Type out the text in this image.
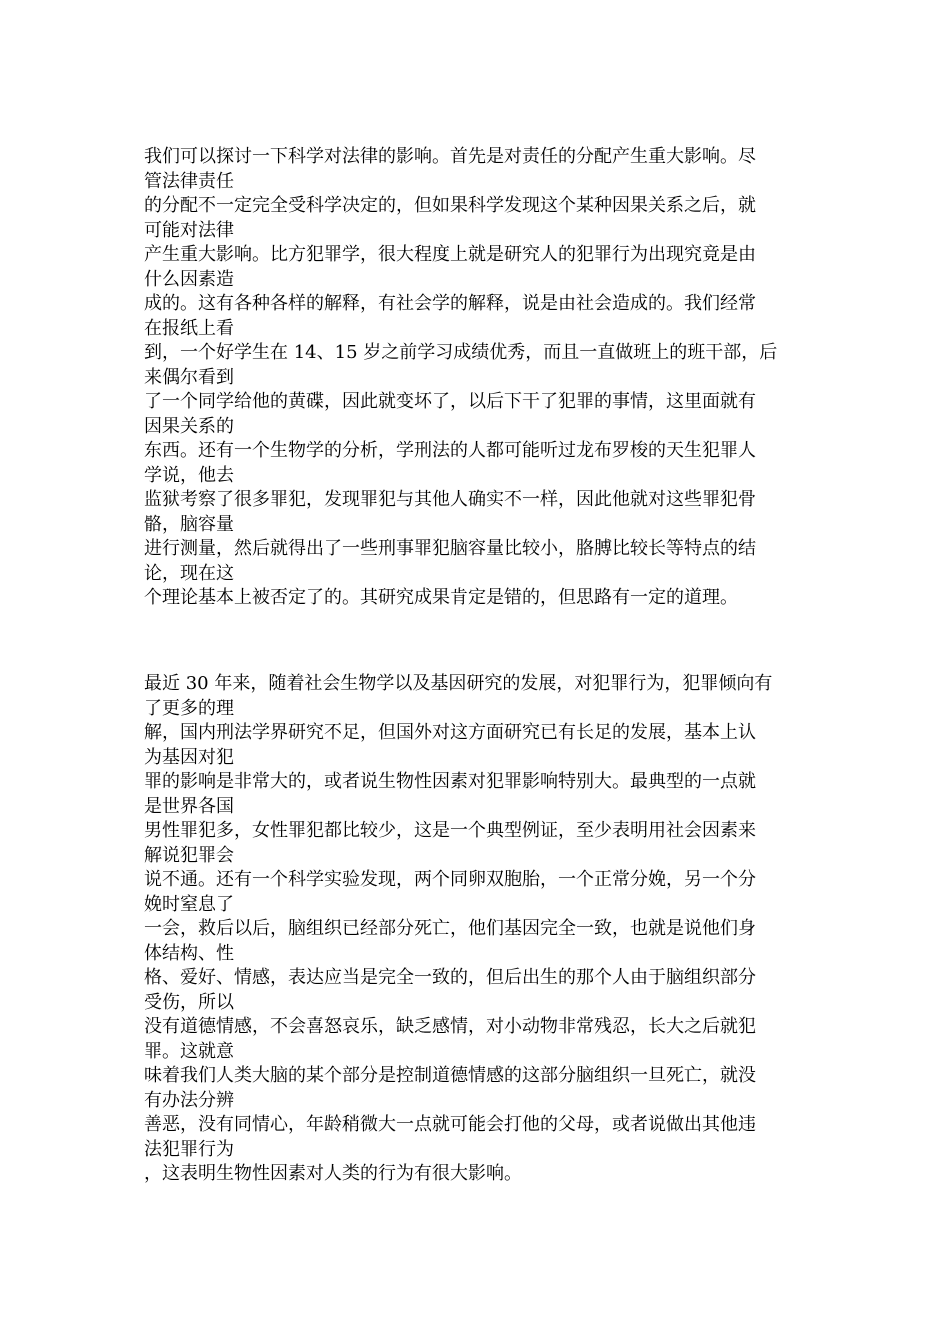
我们可以探讨一下科学对法律的影响。首先是对责任的分配产生重大影响。尽
管法律责任
的分配不一定完全受科学决定的，但如果科学发现这个某种因果关系之后，就
可能对法律
产生重大影响。比方犯罪学，很大程度上就是研究人的犯罪行为出现究竟是由
什么因素造
成的。这有各种各样的解释，有社会学的解释，说是由社会造成的。我们经常
在报纸上看
到，一个好学生在 14、15 岁之前学习成绩优秀，而且一直做班上的班干部，后
来偶尔看到
了一个同学给他的黄碟，因此就变坏了，以后下干了犯罪的事情，这里面就有
因果关系的
东西。还有一个生物学的分析，学刑法的人都可能听过龙布罗梭的天生犯罪人
学说，他去
监狱考察了很多罪犯，发现罪犯与其他人确实不一样，因此他就对这些罪犯骨
骼，脑容量
进行测量，然后就得出了一些刑事罪犯脑容量比较小，胳膊比较长等特点的结
论，现在这
个理论基本上被否定了的。其研究成果肯定是错的，但思路有一定的道理。
最近 30 年来，随着社会生物学以及基因研究的发展，对犯罪行为，犯罪倾向有
了更多的理
解，国内刑法学界研究不足，但国外对这方面研究已有长足的发展，基本上认
为基因对犯
罪的影响是非常大的，或者说生物性因素对犯罪影响特别大。最典型的一点就
是世界各国
男性罪犯多，女性罪犯都比较少，这是一个典型例证，至少表明用社会因素来
解说犯罪会
说不通。还有一个科学实验发现，两个同卵双胞胎，一个正常分娩，另一个分
娩时窒息了
一会，救后以后，脑组织已经部分死亡，他们基因完全一致，也就是说他们身
体结构、性
格、爱好、情感，表达应当是完全一致的，但后出生的那个人由于脑组织部分
受伤，所以
没有道德情感，不会喜怒哀乐，缺乏感情，对小动物非常残忍，长大之后就犯
罪。这就意
味着我们人类大脑的某个部分是控制道德情感的这部分脑组织一旦死亡，就没
有办法分辨
善恶，没有同情心，年龄稍微大一点就可能会打他的父母，或者说做出其他违
法犯罪行为
，这表明生物性因素对人类的行为有很大影响。
